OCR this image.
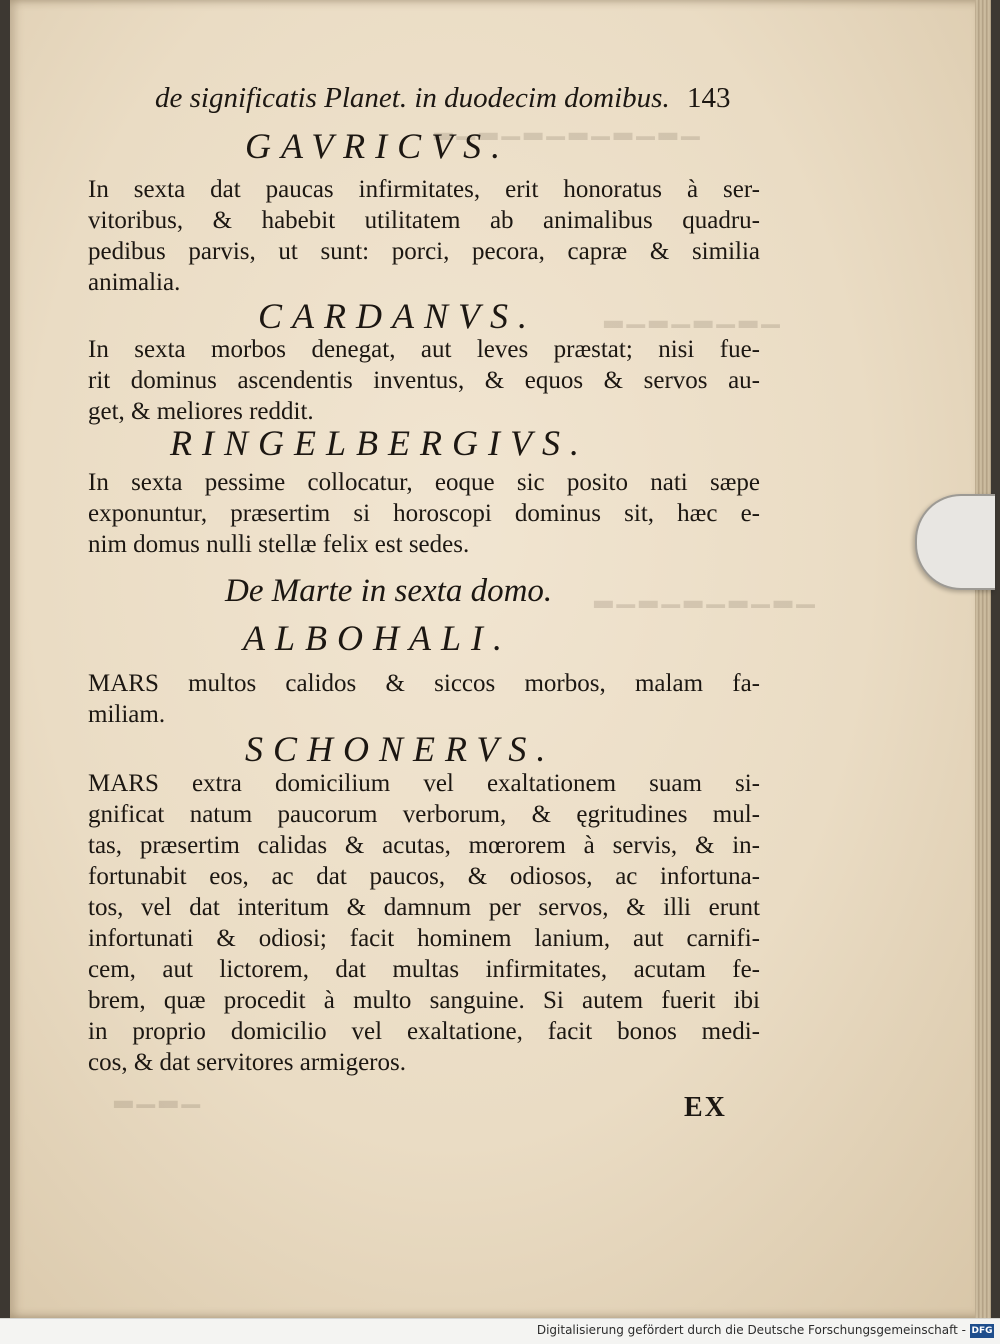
▁▂▁▂▁▂▁▂▁▂▁▂
▁▂▁▂▁▂▁▂
▁▂▁▂▁▂▁▂▁▂
▁▂▁▂
de significatis Planet. in duodecim domibus. 143
GAVRICVS.
In sexta dat paucas infirmitates, erit honoratus à ser-
vitoribus, & habebit utilitatem ab animalibus quadru-
pedibus parvis, ut sunt: porci, pecora, capræ & similia
animalia.
CARDANVS.
In sexta morbos denegat, aut leves præstat; nisi fue-
rit dominus ascendentis inventus, & equos & servos au-
get, & meliores reddit.
RINGELBERGIVS.
In sexta pessime collocatur, eoque sic posito nati sæpe
exponuntur, præsertim si horoscopi dominus sit, hæc e-
nim domus nulli stellæ felix est sedes.
De Marte in sexta domo.
ALBOHALI.
MARS multos calidos & siccos morbos, malam fa-
miliam.
SCHONERVS.
MARS extra domicilium vel exaltationem suam si-
gnificat natum paucorum verborum, & ęgritudines mul-
tas, præsertim calidas & acutas, mœrorem à servis, & in-
fortunabit eos, ac dat paucos, & odiosos, ac infortuna-
tos, vel dat interitum & damnum per servos, & illi erunt
infortunati & odiosi; facit hominem lanium, aut carnifi-
cem, aut lictorem, dat multas infirmitates, acutam fe-
brem, quæ procedit à multo sanguine. Si autem fuerit ibi
in proprio domicilio vel exaltatione, facit bonos medi-
cos, & dat servitores armigeros.
EX
Digitalisierung gefördert durch die Deutsche Forschungsgemeinschaft - DFG
